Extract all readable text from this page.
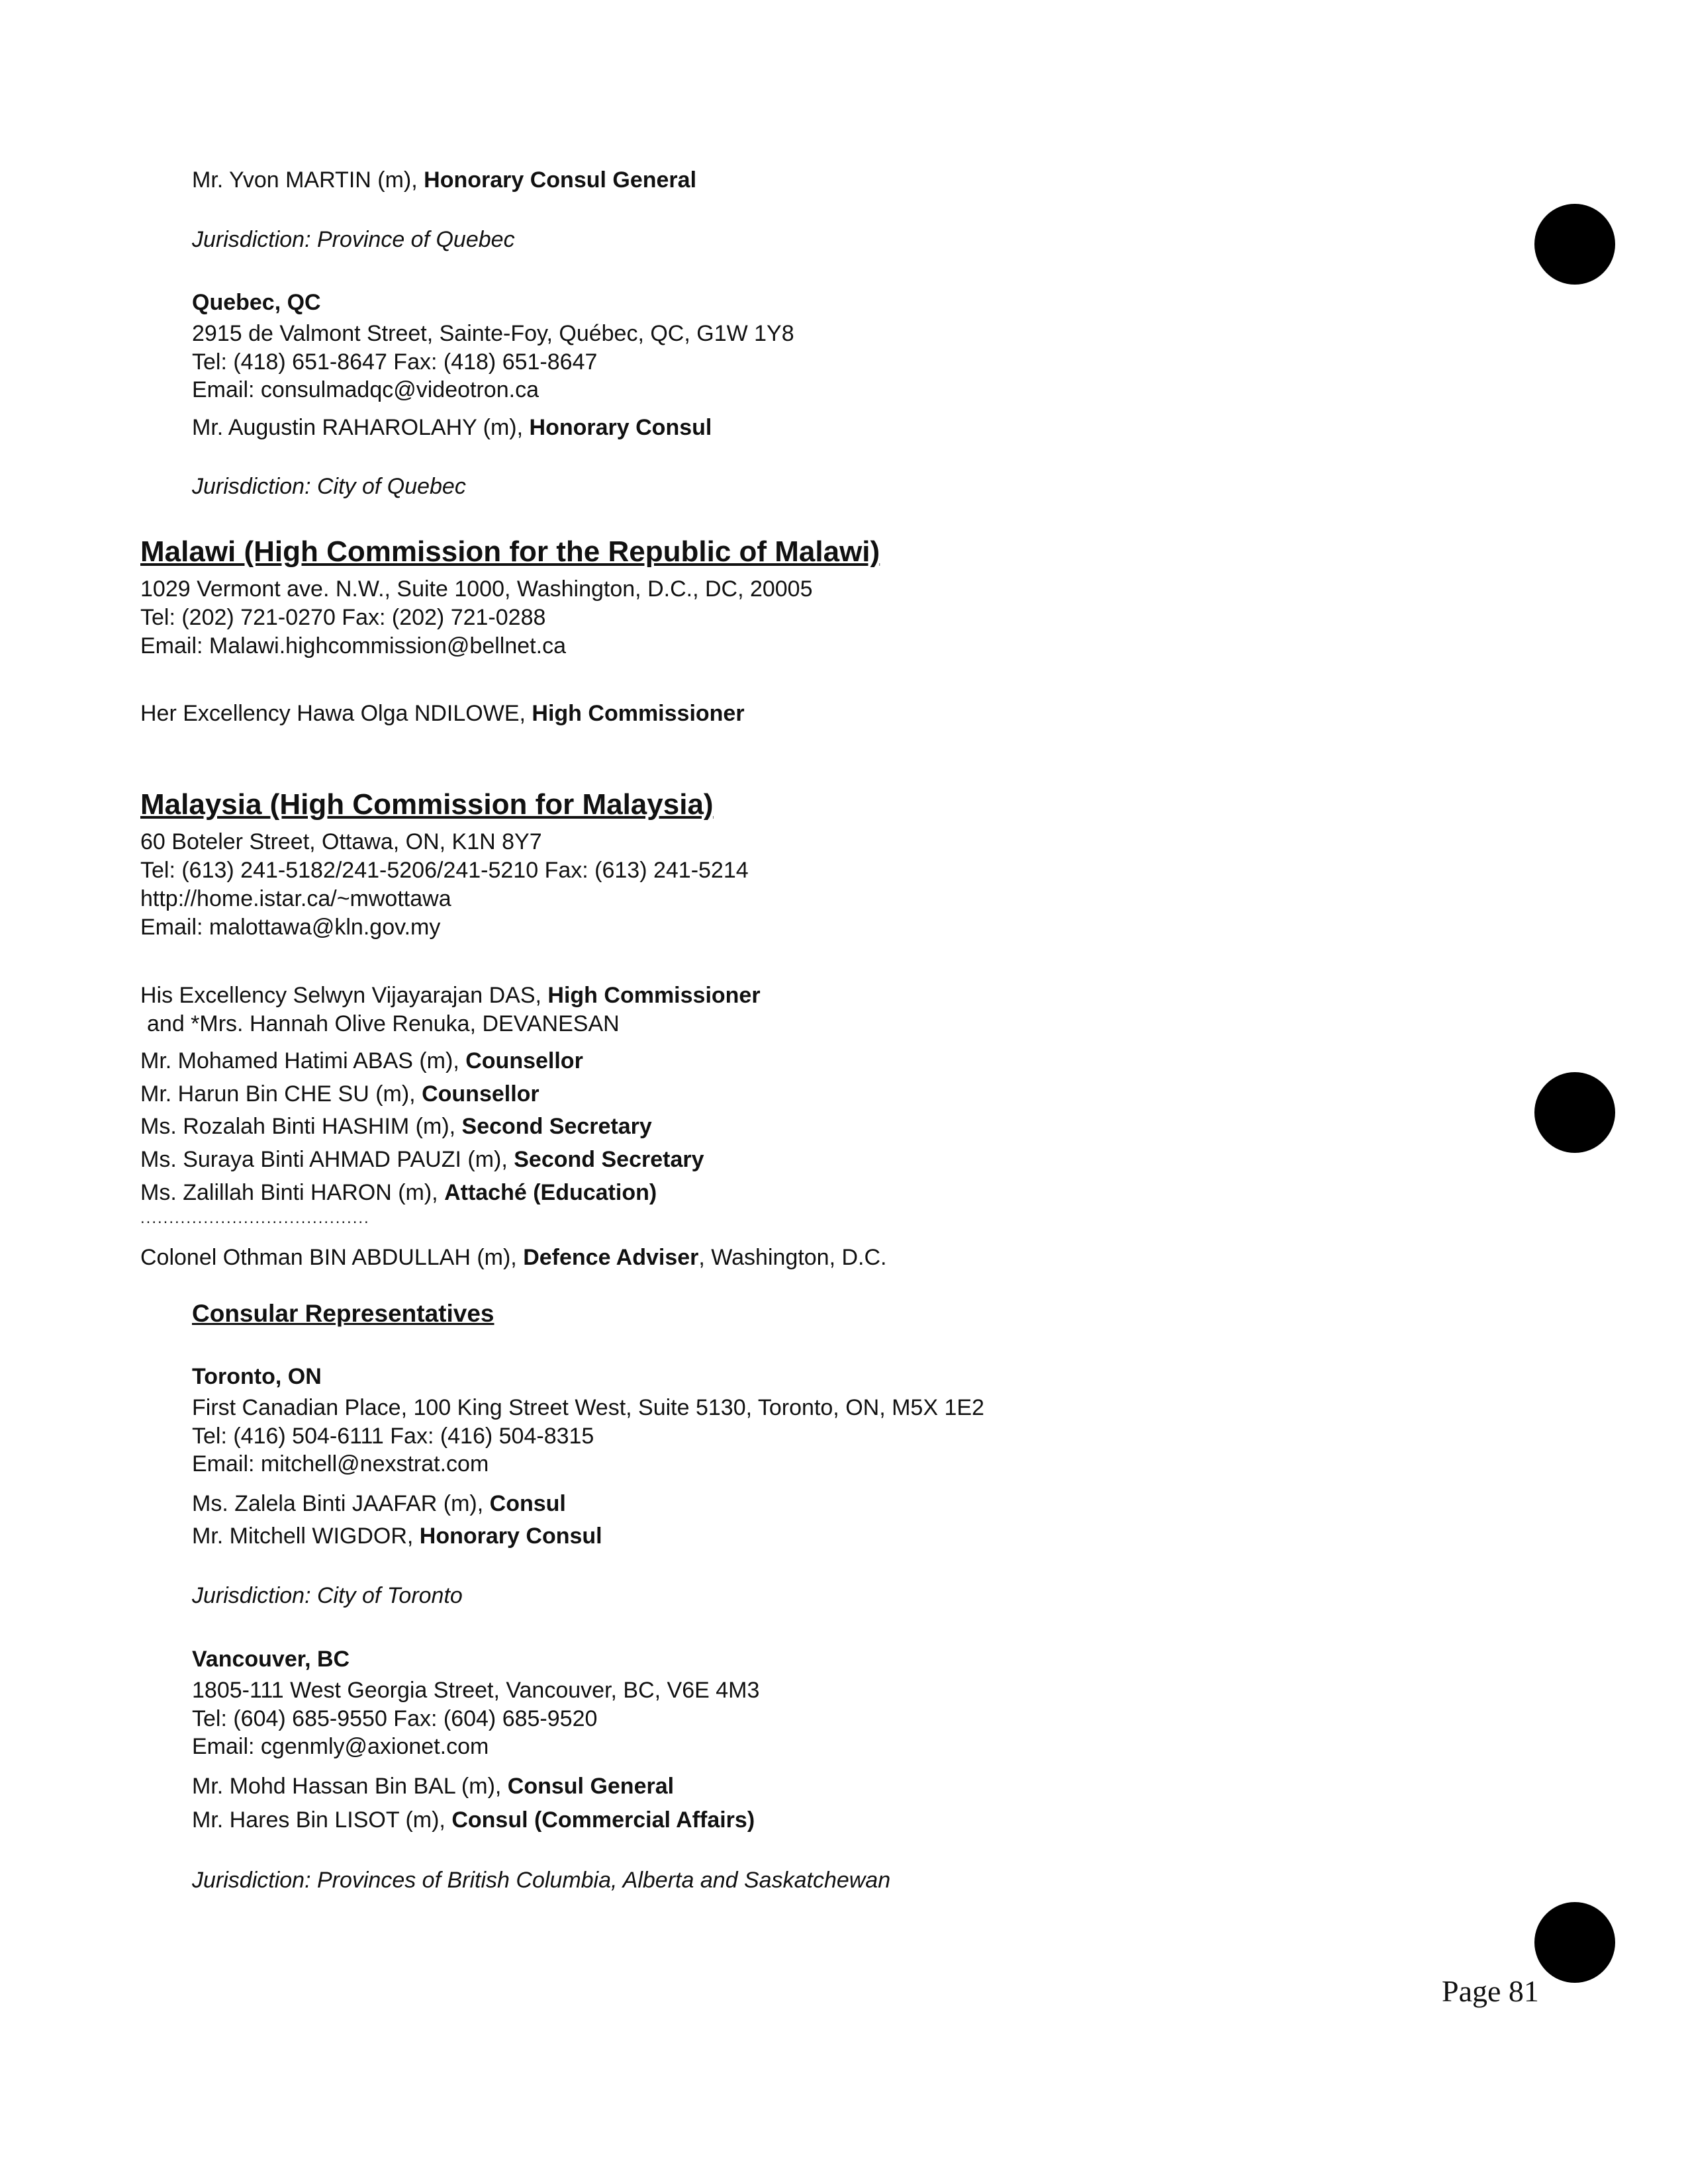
Mr. Yvon MARTIN (m), Honorary Consul General
Jurisdiction: Province of Quebec
Quebec, QC
2915 de Valmont Street, Sainte-Foy, Québec, QC, G1W 1Y8
Tel: (418) 651-8647 Fax: (418) 651-8647
Email: consulmadqc@videotron.ca
Mr. Augustin RAHAROLAHY (m), Honorary Consul
Jurisdiction: City of Quebec
Malawi (High Commission for the Republic of Malawi)
1029 Vermont ave. N.W., Suite 1000, Washington, D.C., DC, 20005
Tel: (202) 721-0270 Fax: (202) 721-0288
Email: Malawi.highcommission@bellnet.ca
Her Excellency Hawa Olga NDILOWE, High Commissioner
Malaysia (High Commission for Malaysia)
60 Boteler Street, Ottawa, ON, K1N 8Y7
Tel: (613) 241-5182/241-5206/241-5210 Fax: (613) 241-5214
http://home.istar.ca/~mwottawa
Email: malottawa@kln.gov.my
His Excellency Selwyn Vijayarajan DAS, High Commissioner
and *Mrs. Hannah Olive Renuka, DEVANESAN
Mr. Mohamed Hatimi ABAS (m), Counsellor
Mr. Harun Bin CHE SU (m), Counsellor
Ms. Rozalah Binti HASHIM (m), Second Secretary
Ms. Suraya Binti AHMAD PAUZI (m), Second Secretary
Ms. Zalillah Binti HARON (m), Attaché (Education)
........................................
Colonel Othman BIN ABDULLAH (m), Defence Adviser, Washington, D.C.
Consular Representatives
Toronto, ON
First Canadian Place, 100 King Street West, Suite 5130, Toronto, ON, M5X 1E2
Tel: (416) 504-6111 Fax: (416) 504-8315
Email: mitchell@nexstrat.com
Ms. Zalela Binti JAAFAR (m), Consul
Mr. Mitchell WIGDOR, Honorary Consul
Jurisdiction: City of Toronto
Vancouver, BC
1805-111 West Georgia Street, Vancouver, BC, V6E 4M3
Tel: (604) 685-9550 Fax: (604) 685-9520
Email: cgenmly@axionet.com
Mr. Mohd Hassan Bin BAL (m), Consul General
Mr. Hares Bin LISOT (m), Consul (Commercial Affairs)
Jurisdiction: Provinces of British Columbia, Alberta and Saskatchewan
Page 81
